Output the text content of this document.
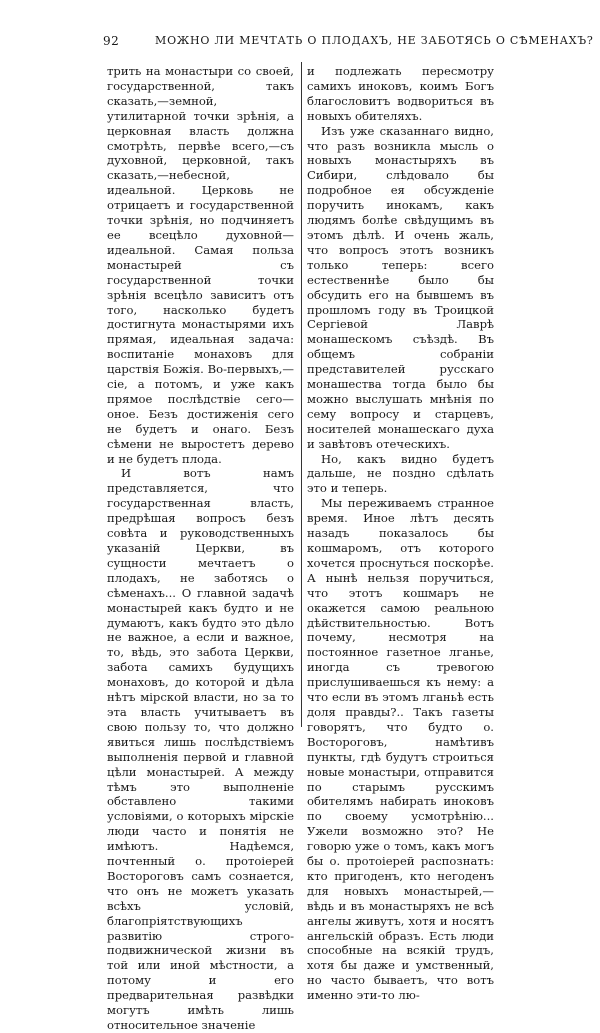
92	МОЖНО ЛИ МЕЧТАТЬ О ПЛОДАХЪ, НЕ ЗАБОТЯСЬ О СѢМЕНАХЪ?

трить на монастыри со своей, государственной, такъ сказать,—земной, утилитарной точки зрѣнія, а церковная власть должна смотрѣть, первѣе всего,—съ духовной, церковной, такъ сказать,—небесной, идеальной. Церковь не отрицаетъ и государственной точки зрѣнія, но подчиняетъ ее всецѣло духовной—идеальной. Самая польза монастырей съ государственной точки зрѣнія всецѣло зависитъ отъ того, насколько будетъ достигнута монастырями ихъ прямая, идеальная задача: воспитаніе монаховъ для царствія Божія. Во-первыхъ,—сіе, а потомъ, и уже какъ прямое послѣдствіе сего—оное. Безъ достиженія сего не будетъ и онаго. Безъ сѣмени не выростетъ дерево и не будетъ плода.

И вотъ намъ представляется, что государственная власть, предрѣшая вопросъ безъ совѣта и руководственныхъ указаній Церкви, въ сущности мечтаетъ о плодахъ, не заботясь о сѣменахъ... О главной задачѣ монастырей какъ будто и не думаютъ, какъ будто это дѣло не важное, а если и важное, то, вѣдь, это забота Церкви, забота самихъ будущихъ монаховъ, до которой и дѣла нѣтъ мірской власти, но за то эта власть учитываетъ въ свою пользу то, что должно явиться лишь послѣдствіемъ выполненія первой и главной цѣли монастырей. А между тѣмъ это выполненіе обставлено такими условіями, о которыхъ мірскіе люди часто и понятія не имѣютъ. Надѣемся, почтенный о. протоіерей Востороговъ самъ сознается, что онъ не можетъ указать всѣхъ условій, благопріятствующихъ развитію строго-подвижнической жизни въ той или иной мѣстности, а потому и его предварительная развѣдки могутъ имѣть лишь относительное значеніе

и подлежать пересмотру самихъ иноковъ, коимъ Богъ благословитъ водвориться въ новыхъ обителяхъ.

Изъ уже сказаннаго видно, что разъ возникла мысль о новыхъ монастыряхъ въ Сибири, слѣдовало бы подробное ея обсужденіе поручить инокамъ, какъ людямъ болѣе свѣдущимъ въ этомъ дѣлѣ. И очень жаль, что вопросъ этотъ возникъ только теперь: всего естественнѣе было бы обсудить его на бывшемъ въ прошломъ году въ Троицкой Сергіевой Лаврѣ монашескомъ съѣздѣ. Въ общемъ собраніи представителей русскаго монашества тогда было бы можно выслушать мнѣнія по сему вопросу и старцевъ, носителей монашескаго духа и завѣтовъ отеческихъ.

Но, какъ видно будетъ дальше, не поздно сдѣлать это и теперь.

Мы переживаемъ странное время. Иное лѣтъ десять назадъ показалось бы кошмаромъ, отъ которого хочется проснуться поскорѣе. А нынѣ нельзя поручиться, что этотъ кошмаръ не окажется самою реальною дѣйствительностью. Вотъ почему, несмотря на постоянное газетное лганье, иногда съ тревогою прислушиваешься къ нему: а что если въ этомъ лганьѣ есть доля правды?.. Такъ газеты говорятъ, что будто о. Востороговъ, намѣтивъ пункты, гдѣ будутъ строиться новые монастыри, отправится по старымъ русскимъ обителямъ набирать иноковъ по своему усмотрѣнію... Ужели возможно это? Не говорю уже о томъ, какъ могъ бы о. протоіерей распознать: кто пригоденъ, кто негоденъ для новыхъ монастырей,—вѣдь и въ монастыряхъ не всѣ ангелы живутъ, хотя и носятъ ангельскій образъ. Есть люди способные на всякій трудъ, хотя бы даже и умственный, но часто бываетъ, что вотъ именно эти-то лю-
